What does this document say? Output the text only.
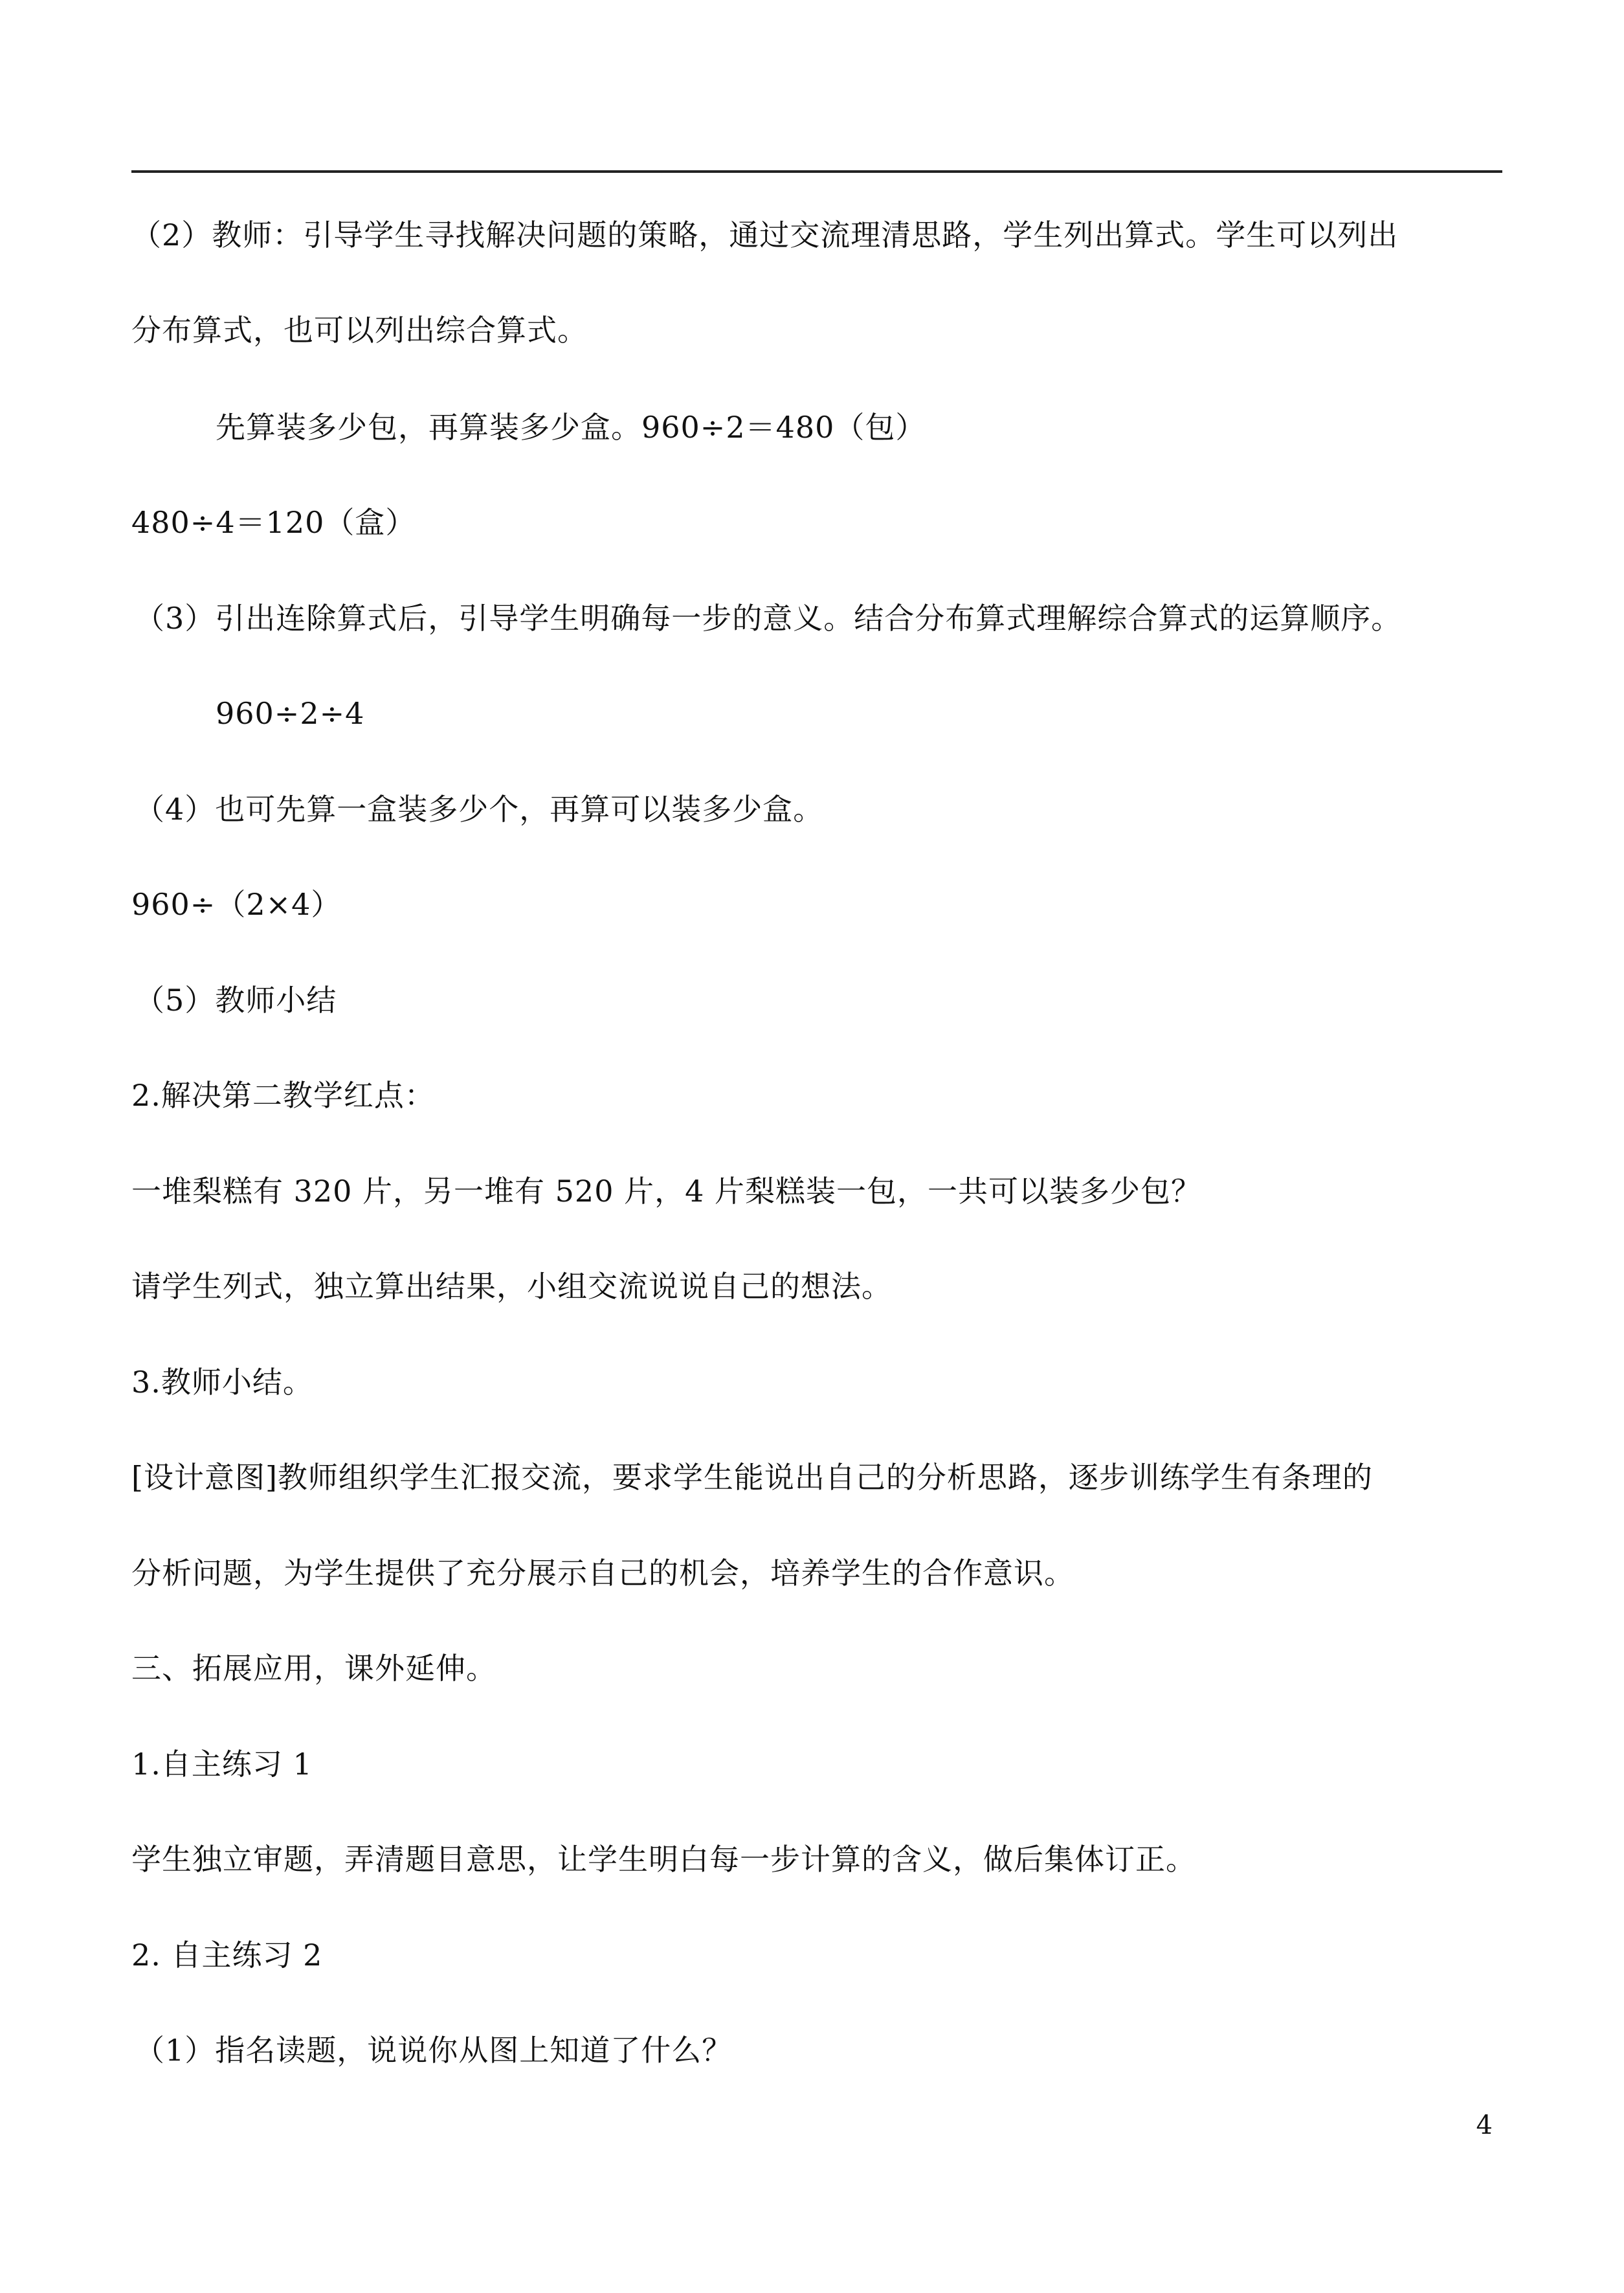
（2）教师：引导学生寻找解决问题的策略，通过交流理清思路，学生列出算式。学生可以列出
分布算式，也可以列出综合算式。
先算装多少包，再算装多少盒。960÷2＝480（包）
480÷4＝120（盒）
（3）引出连除算式后，引导学生明确每一步的意义。结合分布算式理解综合算式的运算顺序。
960÷2÷4
（4）也可先算一盒装多少个，再算可以装多少盒。
960÷（2×4）
（5）教师小结
2.解决第二教学红点：
一堆梨糕有 320 片，另一堆有 520 片，4 片梨糕装一包，一共可以装多少包？
请学生列式，独立算出结果，小组交流说说自己的想法。
3.教师小结。
[设计意图]教师组织学生汇报交流，要求学生能说出自己的分析思路，逐步训练学生有条理的
分析问题，为学生提供了充分展示自己的机会，培养学生的合作意识。
三、拓展应用，课外延伸。
1.自主练习 1
学生独立审题，弄清题目意思，让学生明白每一步计算的含义，做后集体订正。
2. 自主练习 2
（1）指名读题，说说你从图上知道了什么？
4
